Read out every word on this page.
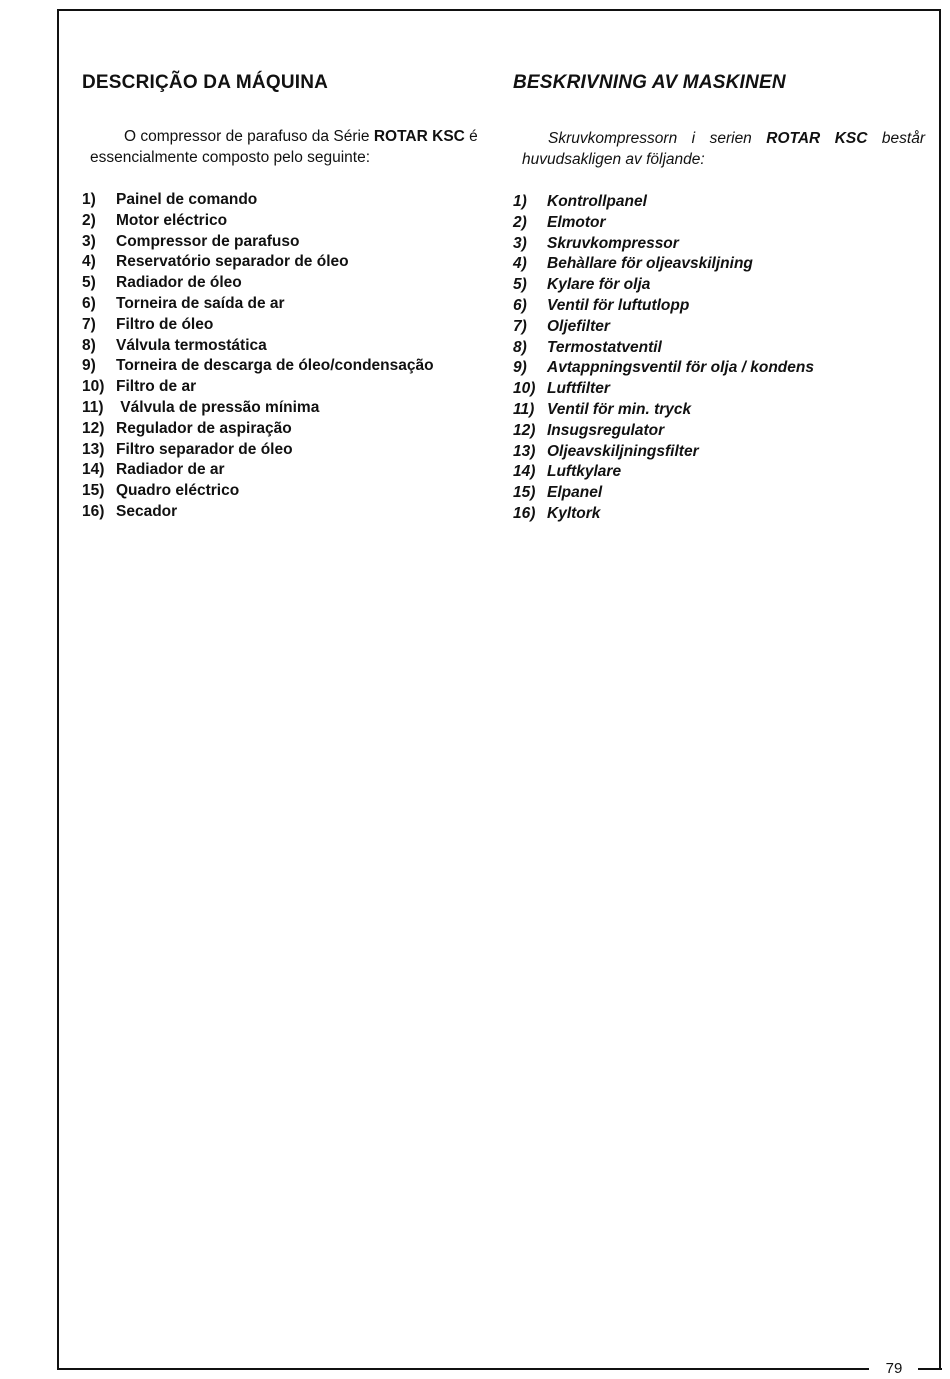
79
DESCRIÇÃO DA MÁQUINA

O compressor de parafuso da Série ROTAR KSC é essencialmente composto pelo seguinte:

1)	Painel de comando
2)	Motor eléctrico
3)	Compressor de parafuso
4)	Reservatório separador de óleo
5)	Radiador de óleo
6)	Torneira de saída de ar
7)	Filtro de óleo
8)	Válvula termostática
9)	Torneira de descarga de óleo/condensação
10) Filtro de ar
11) Válvula de pressão mínima
12) Regulador de aspiração
13) Filtro separador de óleo
14) Radiador de ar
15) Quadro eléctrico
16) Secador
BESKRIVNING AV MASKINEN

Skruvkompressorn i serien ROTAR KSC består huvudsakligen av följande:

1)	Kontrollpanel
2)	Elmotor
3)	Skruvkompressor
4)	Behàllare för oljeavskiljning
5)	Kylare för olja
6)	Ventil för luftutlopp
7)	Oljefilter
8)	Termostatventil
9)	Avtappningsventil för olja / kondens
10) Luftfilter
11) Ventil för min. tryck
12) Insugsregulator
13) Oljeavskiljningsfilter
14) Luftkylare
15) Elpanel
16) Kyltork
